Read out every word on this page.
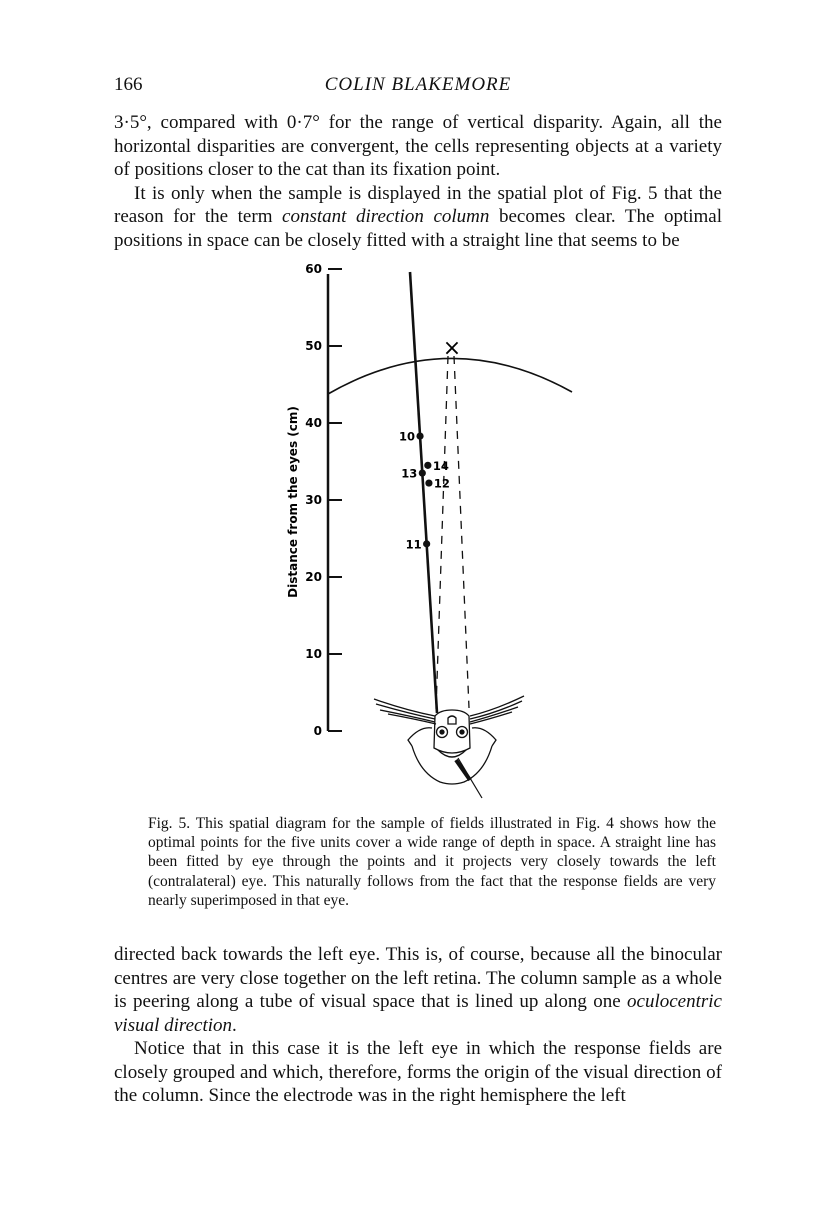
166	COLIN BLAKEMORE

3·5°, compared with 0·7° for the range of vertical disparity. Again, all the horizontal disparities are convergent, the cells representing objects at a variety of positions closer to the cat than its fixation point.

It is only when the sample is displayed in the spatial plot of Fig. 5 that the reason for the term constant direction column becomes clear. The optimal positions in space can be closely fitted with a straight line that seems to be

0
10
20
30
40
50
60
Distance from the eyes (cm)
×
10
14
13
12
11

Fig. 5. This spatial diagram for the sample of fields illustrated in Fig. 4 shows how the optimal points for the five units cover a wide range of depth in space. A straight line has been fitted by eye through the points and it projects very closely towards the left (contralateral) eye. This naturally follows from the fact that the response fields are very nearly superimposed in that eye.

directed back towards the left eye. This is, of course, because all the binocular centres are very close together on the left retina. The column sample as a whole is peering along a tube of visual space that is lined up along one oculocentric visual direction.

Notice that in this case it is the left eye in which the response fields are closely grouped and which, therefore, forms the origin of the visual direction of the column. Since the electrode was in the right hemisphere the left
